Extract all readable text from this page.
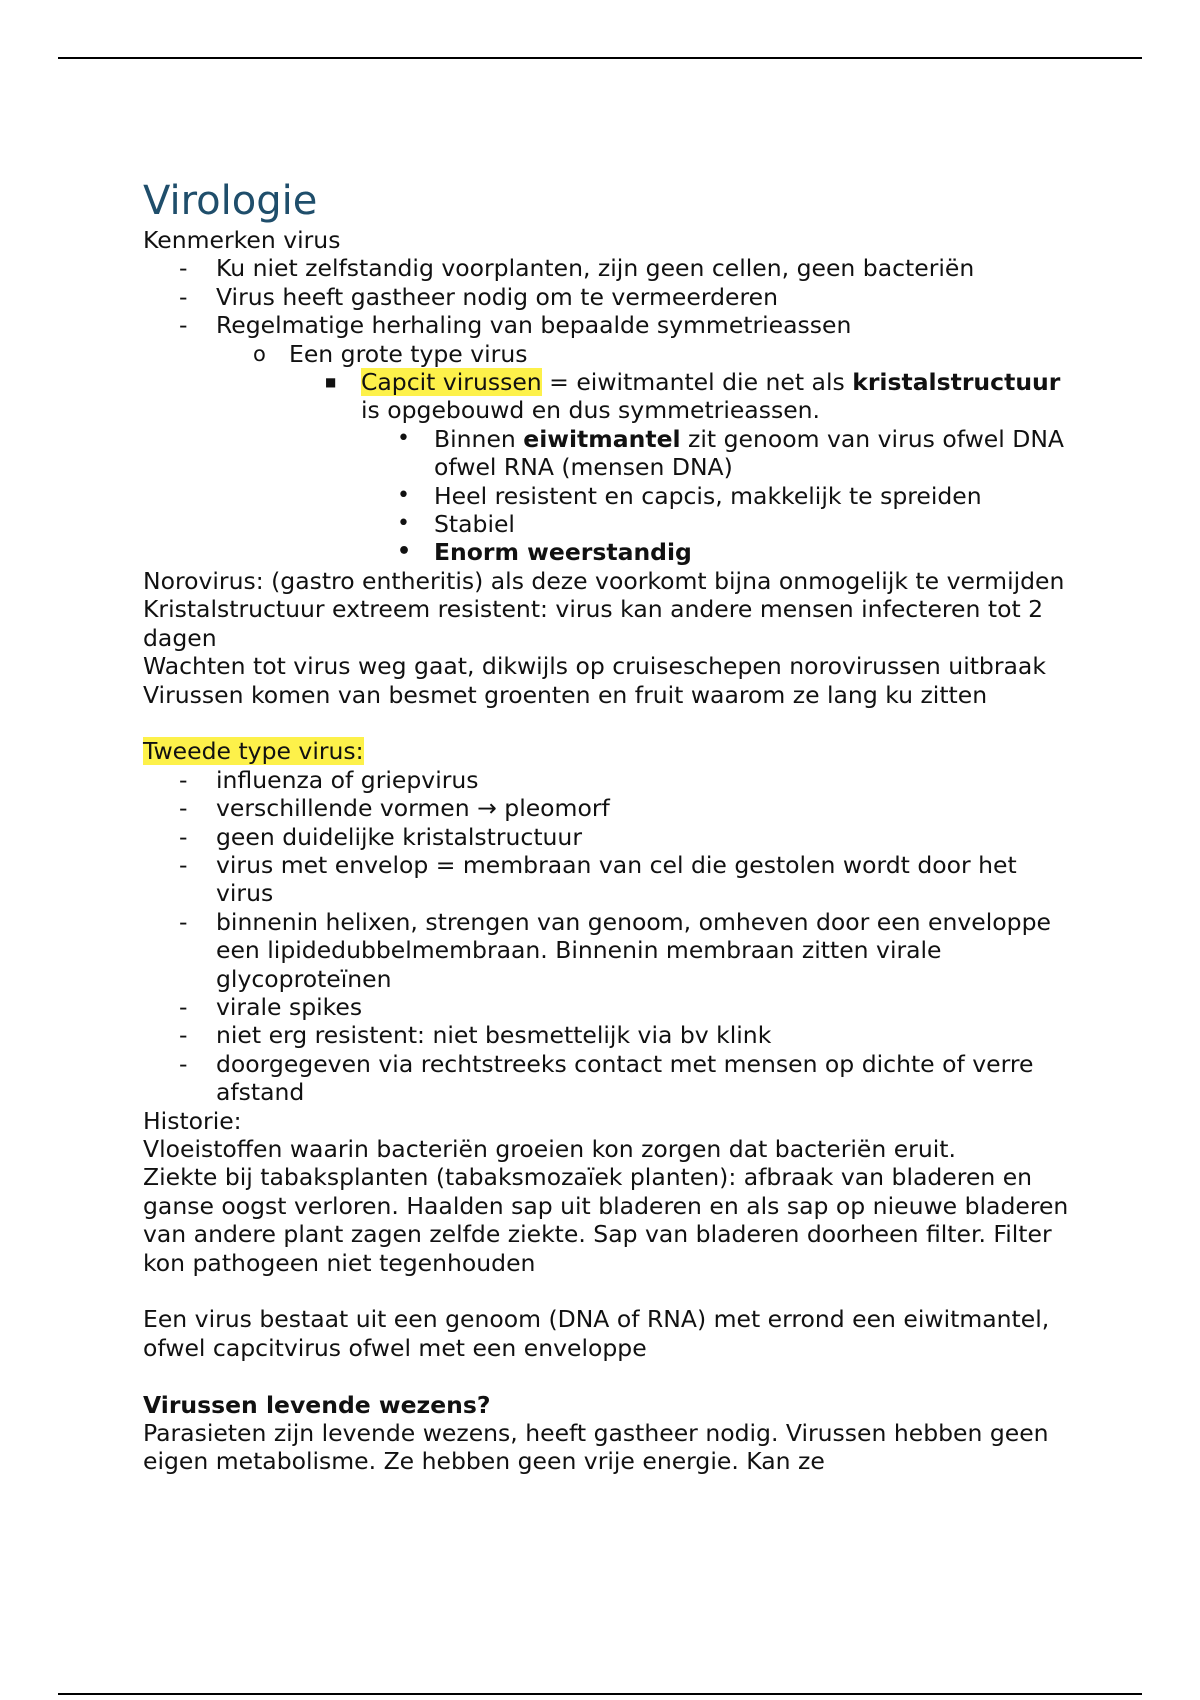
Virologie
Kenmerken virus
- Ku niet zelfstandig voorplanten, zijn geen cellen, geen bacteriën
- Virus heeft gastheer nodig om te vermeerderen
- Regelmatige herhaling van bepaalde symmetrieassen
o Een grote type virus
■ Capcit virussen = eiwitmantel die net als kristalstructuur is opgebouwd en dus symmetrieassen.
• Binnen eiwitmantel zit genoom van virus ofwel DNA ofwel RNA (mensen DNA)
• Heel resistent en capcis, makkelijk te spreiden
• Stabiel
• Enorm weerstandig
Norovirus: (gastro entheritis) als deze voorkomt bijna onmogelijk te vermijden
Kristalstructuur extreem resistent: virus kan andere mensen infecteren tot 2 dagen
Wachten tot virus weg gaat, dikwijls op cruiseschepen norovirussen uitbraak
Virussen komen van besmet groenten en fruit waarom ze lang ku zitten
Tweede type virus:
- influenza of griepvirus
- verschillende vormen → pleomorf
- geen duidelijke kristalstructuur
- virus met envelop = membraan van cel die gestolen wordt door het virus
- binnenin helixen, strengen van genoom, omheven door een enveloppe een lipidedubbelmembraan. Binnenin membraan zitten virale glycoproteïnen
- virale spikes
- niet erg resistent: niet besmettelijk via bv klink
- doorgegeven via rechtstreeks contact met mensen op dichte of verre afstand
Historie:
Vloeistoffen waarin bacteriën groeien kon zorgen dat bacteriën eruit.
Ziekte bij tabaksplanten (tabaksmozaïek planten): afbraak van bladeren en ganse oogst verloren. Haalden sap uit bladeren en als sap op nieuwe bladeren van andere plant zagen zelfde ziekte. Sap van bladeren doorheen filter. Filter kon pathogeen niet tegenhouden
Een virus bestaat uit een genoom (DNA of RNA) met errond een eiwitmantel, ofwel capcitvirus ofwel met een enveloppe
Virussen levende wezens?
Parasieten zijn levende wezens, heeft gastheer nodig. Virussen hebben geen eigen metabolisme. Ze hebben geen vrije energie. Kan ze
